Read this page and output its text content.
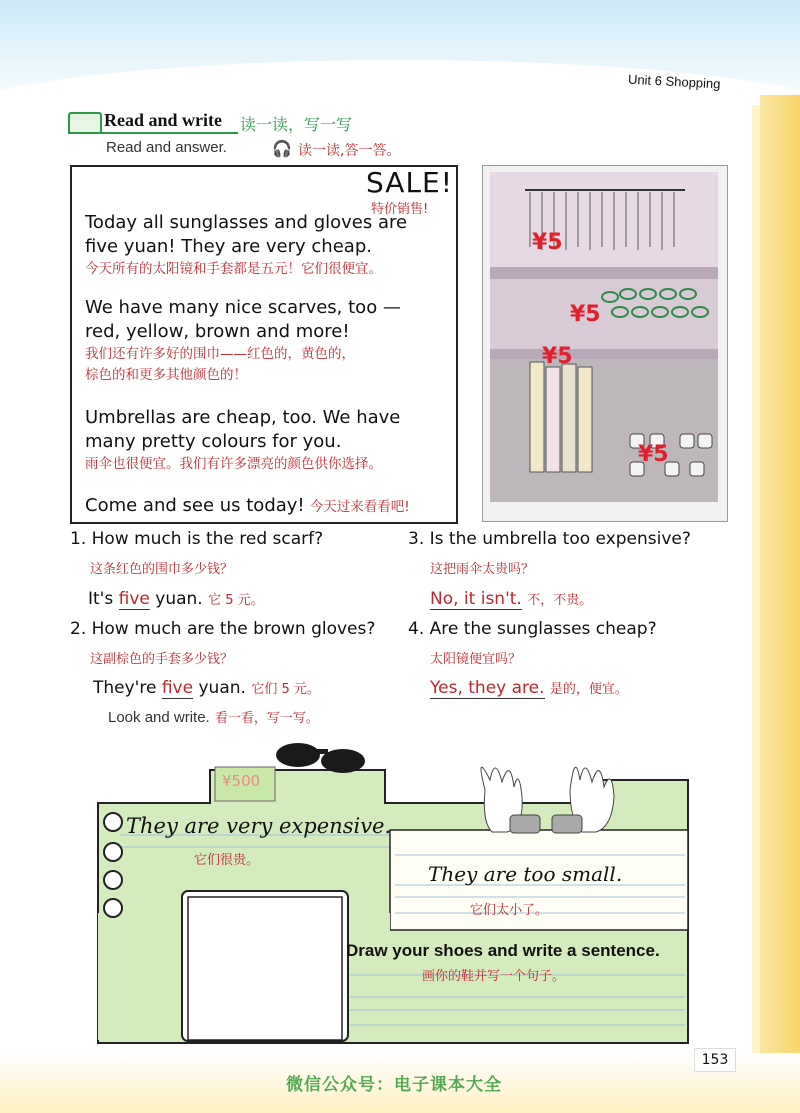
Unit 6 Shopping
Read and write 读一读，写一写
Read and answer.	🎧 读一读,答一答。
SALE!
特价销售!
Today all sunglasses and gloves are
five yuan! They are very cheap.
今天所有的太阳镜和手套都是五元！它们很便宜。
We have many nice scarves, too —
red, yellow, brown and more!
我们还有许多好的围巾——红色的，黄色的，
棕色的和更多其他颜色的！
Umbrellas are cheap, too. We have
many pretty colours for you.
雨伞也很便宜。我们有许多漂亮的颜色供你选择。
Come and see us today! 今天过来看看吧!
¥5
¥5
¥5
¥5
1. How much is the red scarf?
这条红色的围巾多少钱？
It's five yuan. 它 5 元。
2. How much are the brown gloves?
这副棕色的手套多少钱？
They're five yuan. 它们 5 元。
3. Is the umbrella too expensive?
这把雨伞太贵吗？
No, it isn't. 不，不贵。
4. Are the sunglasses cheap?
太阳镜便宜吗？
Yes, they are. 是的，便宜。
Look and write. 看一看，写一写。
¥500
They are very expensive.
它们很贵。
They are too small.
它们太小了。
Draw your shoes and write a sentence.
画你的鞋并写一个句子。
153
微信公众号：电子课本大全
